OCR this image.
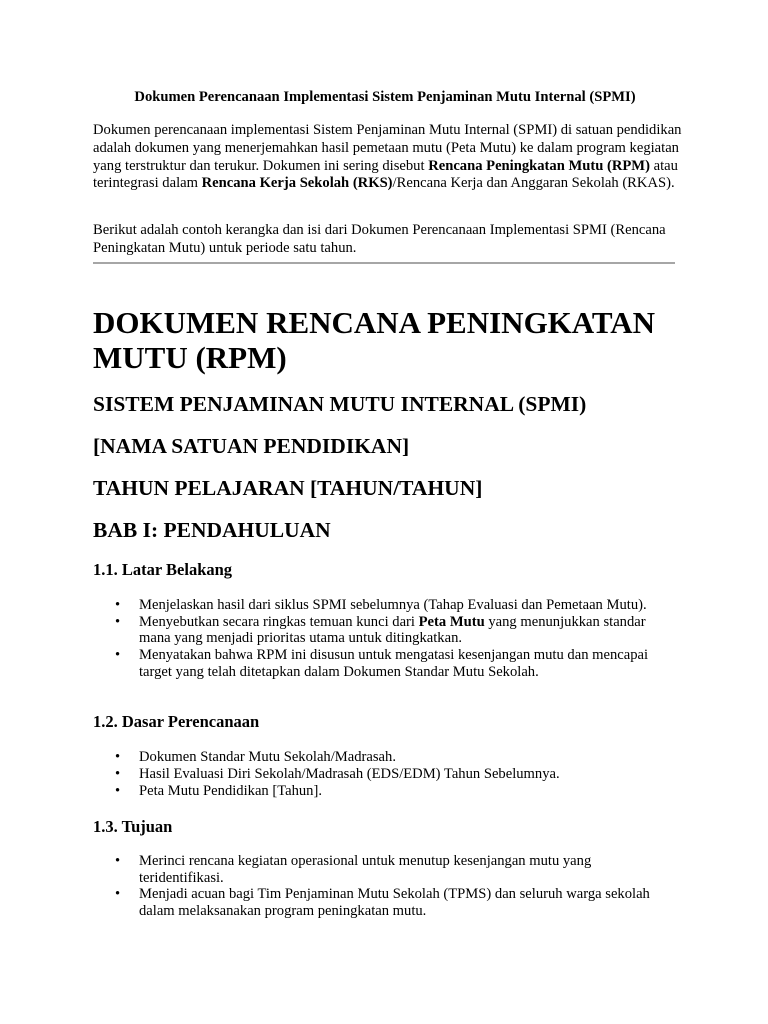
Dokumen Perencanaan Implementasi Sistem Penjaminan Mutu Internal (SPMI)

Dokumen perencanaan implementasi Sistem Penjaminan Mutu Internal (SPMI) di satuan pendidikan adalah dokumen yang menerjemahkan hasil pemetaan mutu (Peta Mutu) ke dalam program kegiatan yang terstruktur dan terukur. Dokumen ini sering disebut Rencana Peningkatan Mutu (RPM) atau terintegrasi dalam Rencana Kerja Sekolah (RKS)/Rencana Kerja dan Anggaran Sekolah (RKAS).

Berikut adalah contoh kerangka dan isi dari Dokumen Perencanaan Implementasi SPMI (Rencana Peningkatan Mutu) untuk periode satu tahun.

DOKUMEN RENCANA PENINGKATAN MUTU (RPM)
SISTEM PENJAMINAN MUTU INTERNAL (SPMI)
[NAMA SATUAN PENDIDIKAN]
TAHUN PELAJARAN [TAHUN/TAHUN]
BAB I: PENDAHULUAN
1.1. Latar Belakang
• Menjelaskan hasil dari siklus SPMI sebelumnya (Tahap Evaluasi dan Pemetaan Mutu).
• Menyebutkan secara ringkas temuan kunci dari Peta Mutu yang menunjukkan standar mana yang menjadi prioritas utama untuk ditingkatkan.
• Menyatakan bahwa RPM ini disusun untuk mengatasi kesenjangan mutu dan mencapai target yang telah ditetapkan dalam Dokumen Standar Mutu Sekolah.
1.2. Dasar Perencanaan
• Dokumen Standar Mutu Sekolah/Madrasah.
• Hasil Evaluasi Diri Sekolah/Madrasah (EDS/EDM) Tahun Sebelumnya.
• Peta Mutu Pendidikan [Tahun].
1.3. Tujuan
• Merinci rencana kegiatan operasional untuk menutup kesenjangan mutu yang teridentifikasi.
• Menjadi acuan bagi Tim Penjaminan Mutu Sekolah (TPMS) dan seluruh warga sekolah dalam melaksanakan program peningkatan mutu.
